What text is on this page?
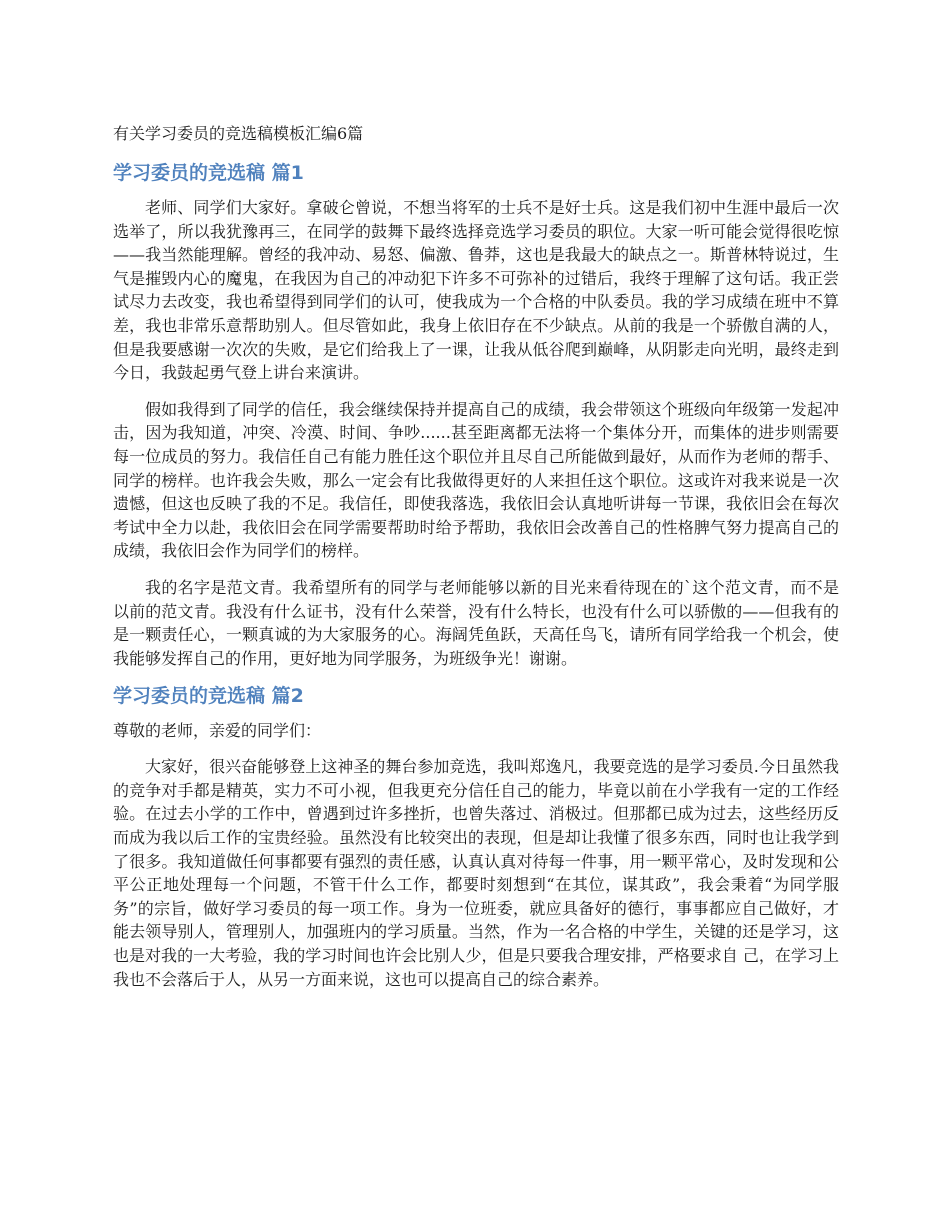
有关学习委员的竞选稿模板汇编6篇
学习委员的竞选稿 篇1

老师、同学们大家好。拿破仑曾说，不想当将军的士兵不是好士兵。这是我们初中生涯中最后一次选举了，所以我犹豫再三，在同学的鼓舞下最终选择竞选学习委员的职位。大家一听可能会觉得很吃惊——我当然能理解。曾经的我冲动、易怒、偏激、鲁莽，这也是我最大的缺点之一。斯普林特说过，生气是摧毁内心的魔鬼，在我因为自己的冲动犯下许多不可弥补的过错后，我终于理解了这句话。我正尝试尽力去改变，我也希望得到同学们的认可，使我成为一个合格的中队委员。我的学习成绩在班中不算差，我也非常乐意帮助别人。但尽管如此，我身上依旧存在不少缺点。从前的我是一个骄傲自满的人，但是我要感谢一次次的失败，是它们给我上了一课，让我从低谷爬到巅峰，从阴影走向光明，最终走到今日，我鼓起勇气登上讲台来演讲。

假如我得到了同学的信任，我会继续保持并提高自己的成绩，我会带领这个班级向年级第一发起冲击，因为我知道，冲突、冷漠、时间、争吵......甚至距离都无法将一个集体分开，而集体的进步则需要每一位成员的努力。我信任自己有能力胜任这个职位并且尽自己所能做到最好，从而作为老师的帮手、同学的榜样。也许我会失败，那么一定会有比我做得更好的人来担任这个职位。这或许对我来说是一次遗憾，但这也反映了我的不足。我信任，即使我落选，我依旧会认真地听讲每一节课，我依旧会在每次考试中全力以赴，我依旧会在同学需要帮助时给予帮助，我依旧会改善自己的性格脾气努力提高自己的成绩，我依旧会作为同学们的榜样。

我的名字是范文青。我希望所有的同学与老师能够以新的目光来看待现在的`这个范文青，而不是以前的范文青。我没有什么证书，没有什么荣誉，没有什么特长，也没有什么可以骄傲的——但我有的是一颗责任心，一颗真诚的为大家服务的心。海阔凭鱼跃，天高任鸟飞，请所有同学给我一个机会，使我能够发挥自己的作用，更好地为同学服务，为班级争光！谢谢。

学习委员的竞选稿 篇2
尊敬的老师，亲爱的同学们：

大家好，很兴奋能够登上这神圣的舞台参加竞选，我叫郑逸凡，我要竞选的是学习委员.今日虽然我的竞争对手都是精英，实力不可小视，但我更充分信任自己的能力，毕竟以前在小学我有一定的工作经验。在过去小学的工作中，曾遇到过许多挫折，也曾失落过、消极过。但那都已成为过去，这些经历反而成为我以后工作的宝贵经验。虽然没有比较突出的表现，但是却让我懂了很多东西，同时也让我学到了很多。我知道做任何事都要有强烈的责任感，认真认真对待每一件事，用一颗平常心，及时发现和公平公正地处理每一个问题，不管干什么工作，都要时刻想到“在其位，谋其政”，我会秉着“为同学服务”的宗旨，做好学习委员的每一项工作。身为一位班委，就应具备好的德行，事事都应自己做好，才能去领导别人，管理别人，加强班内的学习质量。当然，作为一名合格的中学生，关键的还是学习，这也是对我的一大考验，我的学习时间也许会比别人少，但是只要我合理安排，严格要求自 己，在学习上我也不会落后于人，从另一方面来说，这也可以提高自己的综合素养。
